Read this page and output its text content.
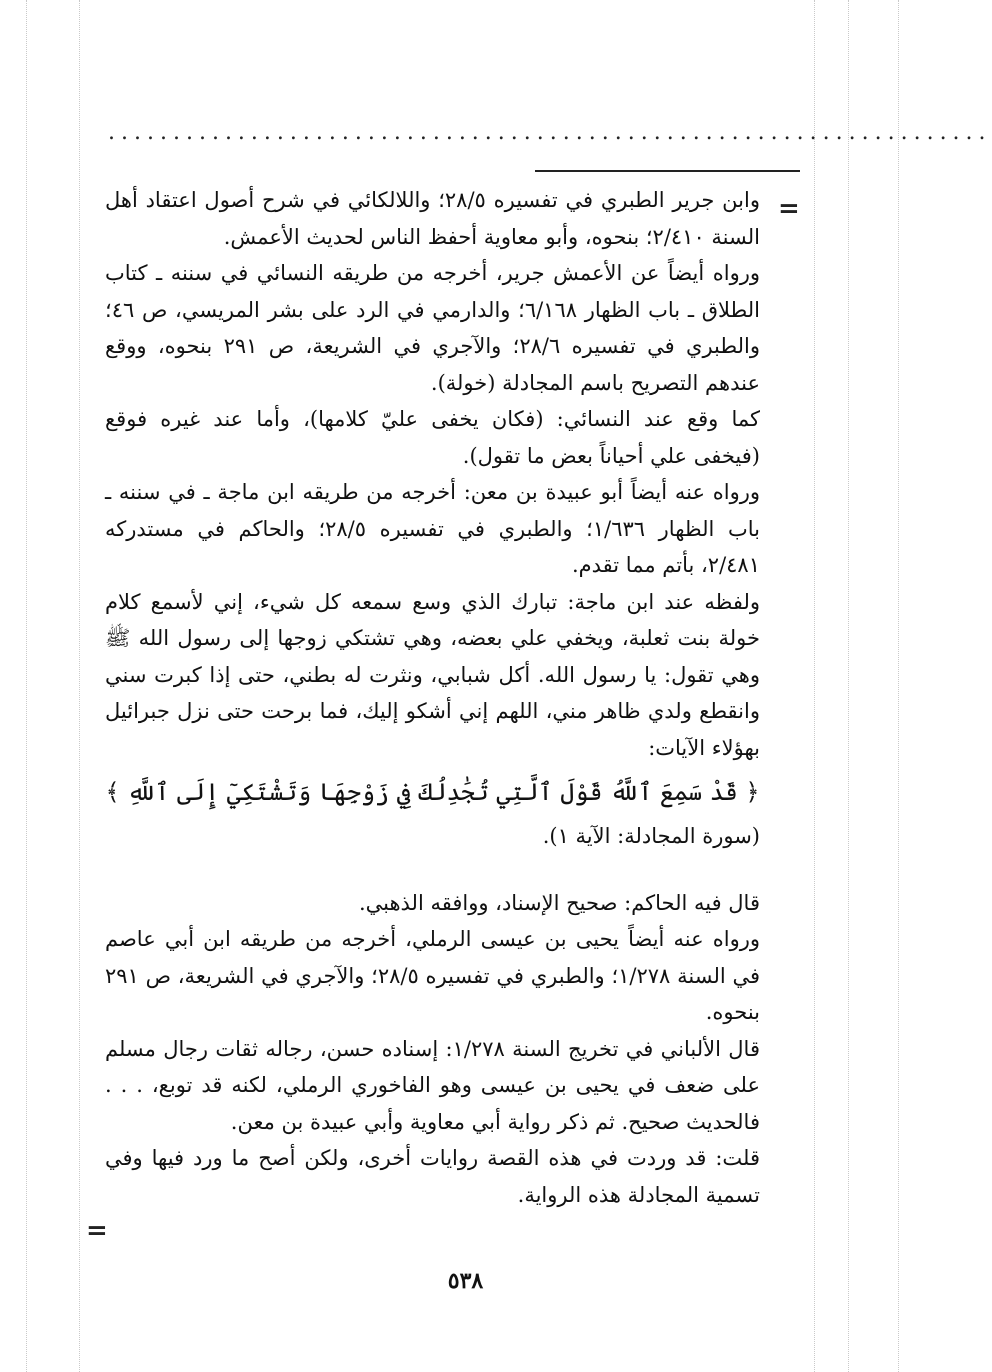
....................................................................
=
=

وابن جرير الطبري في تفسيره ٢٨/٥؛ واللالكائي في شرح أصول اعتقاد أهل السنة ٢/٤١٠؛ بنحوه، وأبو معاوية أحفظ الناس لحديث الأعمش.

ورواه أيضاً عن الأعمش جرير، أخرجه من طريقه النسائي في سننه ـ كتاب الطلاق ـ باب الظهار ٦/١٦٨؛ والدارمي في الرد على بشر المريسي، ص ٤٦؛ والطبري في تفسيره ٢٨/٦؛ والآجري في الشريعة، ص ٢٩١ بنحوه، ووقع عندهم التصريح باسم المجادلة (خولة).

كما وقع عند النسائي: (فكان يخفى عليّ كلامها)، وأما عند غيره فوقع (فيخفى علي أحياناً بعض ما تقول).

ورواه عنه أيضاً أبو عبيدة بن معن: أخرجه من طريقه ابن ماجة ـ في سننه ـ باب الظهار ١/٦٣٦؛ والطبري في تفسيره ٢٨/٥؛ والحاكم في مستدركه ٢/٤٨١، بأتم مما تقدم.

ولفظه عند ابن ماجة: تبارك الذي وسع سمعه كل شيء، إني لأسمع كلام خولة بنت ثعلبة، ويخفي علي بعضه، وهي تشتكي زوجها إلى رسول الله ﷺ وهي تقول: يا رسول الله. أكل شبابي، ونثرت له بطني، حتى إذا كبرت سني وانقطع ولدي ظاهر مني، اللهم إني أشكو إليك، فما برحت حتى نزل جبرائيل بهؤلاء الآيات:

﴿ قَدْ سَمِعَ ٱللَّهُ قَوْلَ ٱلَّتِي تُجَٰدِلُكَ فِي زَوْجِهَا وَتَشْتَكِيٓ إِلَى ٱللَّهِ ﴾

(سورة المجادلة: الآية ١).

قال فيه الحاكم: صحيح الإسناد، ووافقه الذهبي.

ورواه عنه أيضاً يحيى بن عيسى الرملي، أخرجه من طريقه ابن أبي عاصم في السنة ١/٢٧٨؛ والطبري في تفسيره ٢٨/٥؛ والآجري في الشريعة، ص ٢٩١ بنحوه.

قال الألباني في تخريج السنة ١/٢٧٨: إسناده حسن، رجاله ثقات رجال مسلم على ضعف في يحيى بن عيسى وهو الفاخوري الرملي، لكنه قد توبع، . . . فالحديث صحيح. ثم ذكر رواية أبي معاوية وأبي عبيدة بن معن.

قلت: قد وردت في هذه القصة روايات أخرى، ولكن أصح ما ورد فيها وفي تسمية المجادلة هذه الرواية.

٥٣٨
